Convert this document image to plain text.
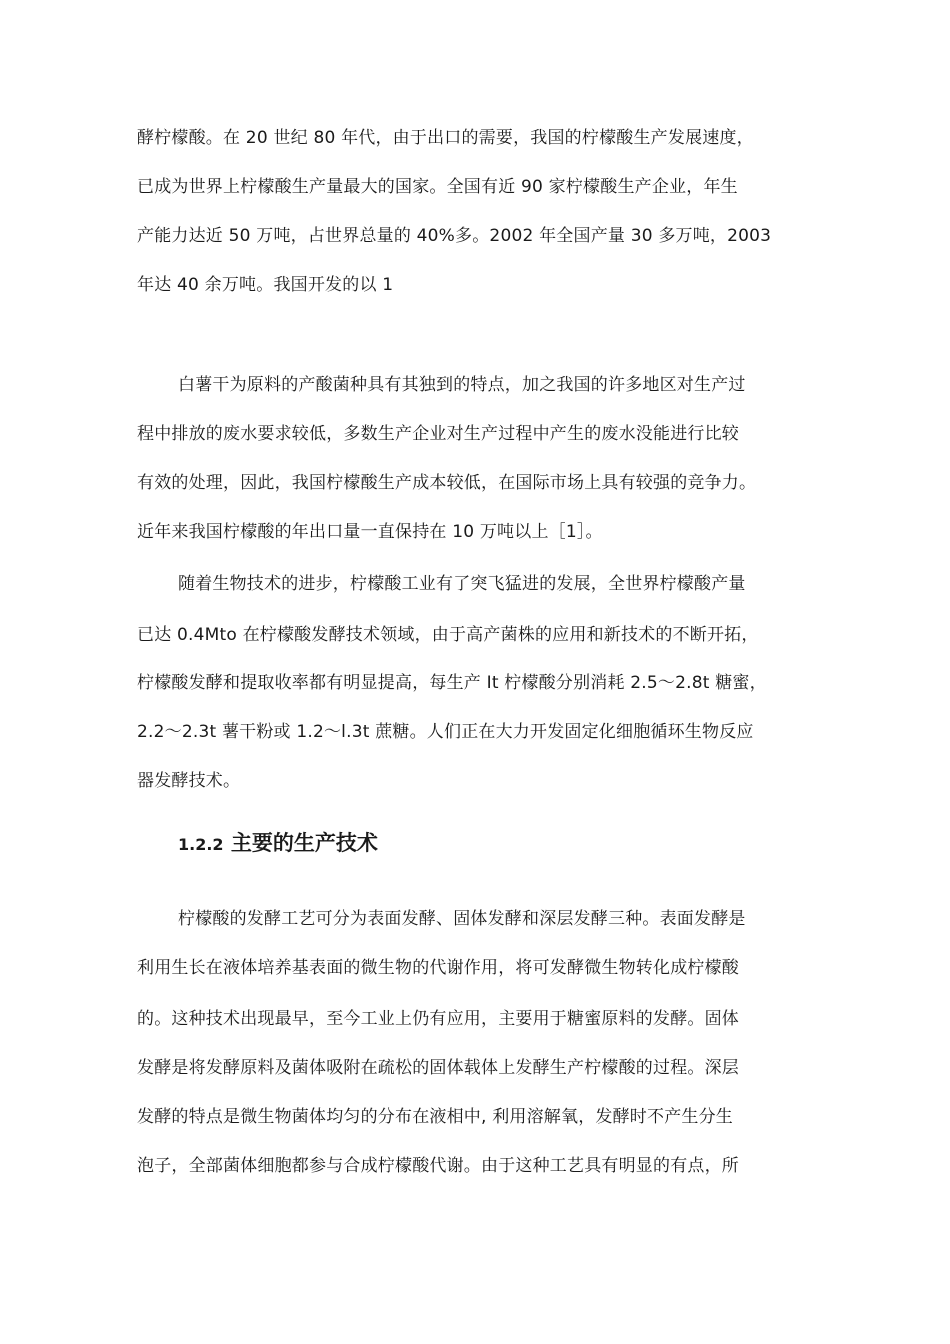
酵柠檬酸。在 20 世纪 80 年代，由于出口的需要，我国的柠檬酸生产发展速度，
已成为世界上柠檬酸生产量最大的国家。全国有近 90 家柠檬酸生产企业，年生
产能力达近 50 万吨，占世界总量的 40%多。2002 年全国产量 30 多万吨，2003
年达 40 余万吨。我国开发的以 1
白薯干为原料的产酸菌种具有其独到的特点，加之我国的许多地区对生产过
程中排放的废水要求较低，多数生产企业对生产过程中产生的废水没能进行比较
有效的处理，因此，我国柠檬酸生产成本较低，在国际市场上具有较强的竞争力。
近年来我国柠檬酸的年出口量一直保持在 10 万吨以上［1］。
随着生物技术的进步，柠檬酸工业有了突飞猛进的发展，全世界柠檬酸产量
已达 0.4Mto 在柠檬酸发酵技术领域，由于高产菌株的应用和新技术的不断开拓，
柠檬酸发酵和提取收率都有明显提高，每生产 It 柠檬酸分别消耗 2.5～2.8t 糖蜜，
2.2～2.3t 薯干粉或 1.2～l.3t 蔗糖。人们正在大力开发固定化细胞循环生物反应
器发酵技术。
1.2.2 主要的生产技术
柠檬酸的发酵工艺可分为表面发酵、固体发酵和深层发酵三种。表面发酵是
利用生长在液体培养基表面的微生物的代谢作用，将可发酵微生物转化成柠檬酸
的。这种技术出现最早，至今工业上仍有应用，主要用于糖蜜原料的发酵。固体
发酵是将发酵原料及菌体吸附在疏松的固体载体上发酵生产柠檬酸的过程。深层
发酵的特点是微生物菌体均匀的分布在液相中, 利用溶解氧，发酵时不产生分生
泡子，全部菌体细胞都参与合成柠檬酸代谢。由于这种工艺具有明显的有点，所
